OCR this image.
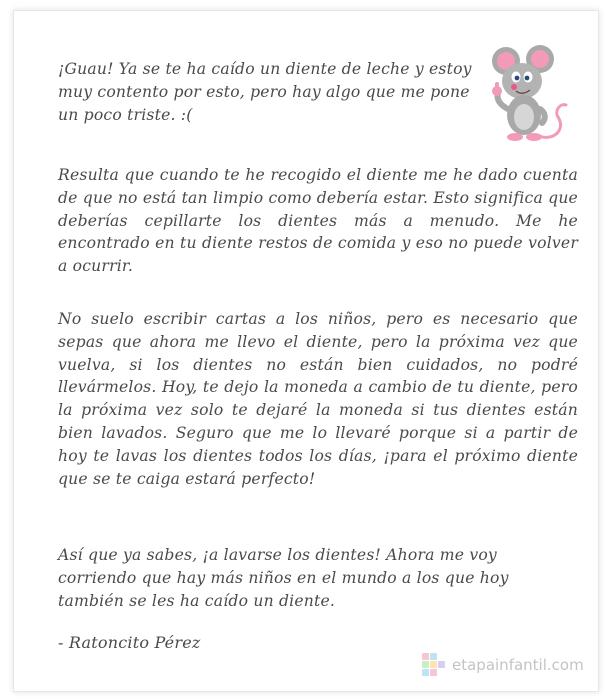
¡Guau! Ya se te ha caído un diente de leche y estoy muy contento por esto, pero hay algo que me pone un poco triste. :(

Resulta que cuando te he recogido el diente me he dado cuenta de que no está tan limpio como debería estar. Esto significa que deberías cepillarte los dientes más a menudo. Me he encontrado en tu diente restos de comida y eso no puede volver a ocurrir.

No suelo escribir cartas a los niños, pero es necesario que sepas que ahora me llevo el diente, pero la próxima vez que vuelva, si los dientes no están bien cuidados, no podré llevármelos. Hoy, te dejo la moneda a cambio de tu diente, pero la próxima vez solo te dejaré la moneda si tus dientes están bien lavados. Seguro que me lo llevaré porque si a partir de hoy te lavas los dientes todos los días, ¡para el próximo diente que se te caiga estará perfecto!

Así que ya sabes, ¡a lavarse los dientes! Ahora me voy corriendo que hay más niños en el mundo a los que hoy también se les ha caído un diente.

- Ratoncito Pérez
etapainfantil.com
